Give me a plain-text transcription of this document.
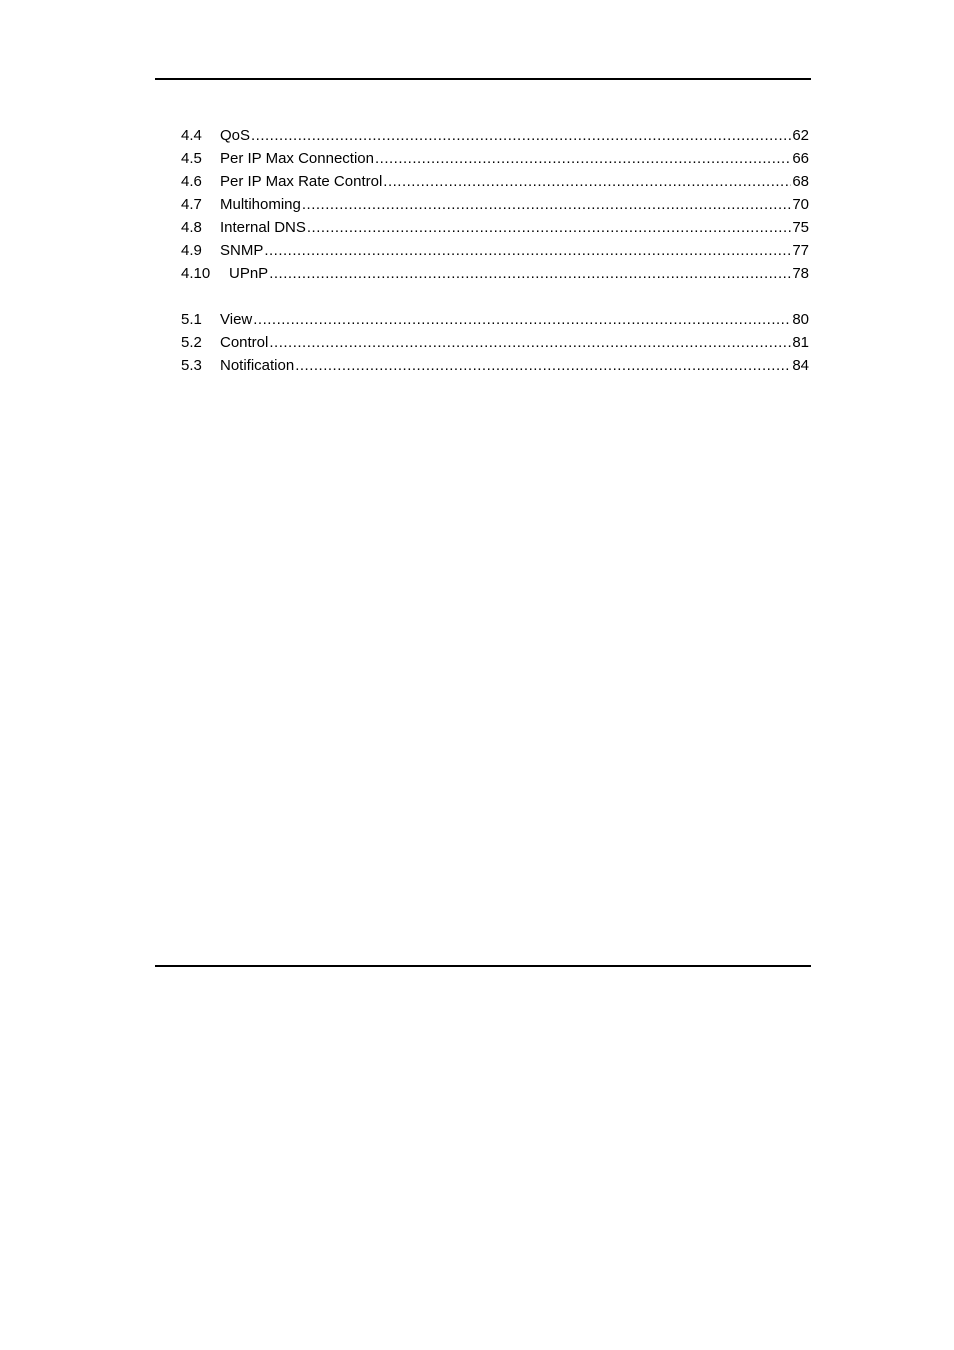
4.4	QoS .....	62
4.5	Per IP Max Connection .....	66
4.6	Per IP Max Rate Control .....	68
4.7	Multihoming .....	70
4.8	Internal DNS .....	75
4.9	SNMP .....	77
4.10	UPnP .....	78
5.1	View .....	80
5.2	Control .....	81
5.3	Notification .....	84
